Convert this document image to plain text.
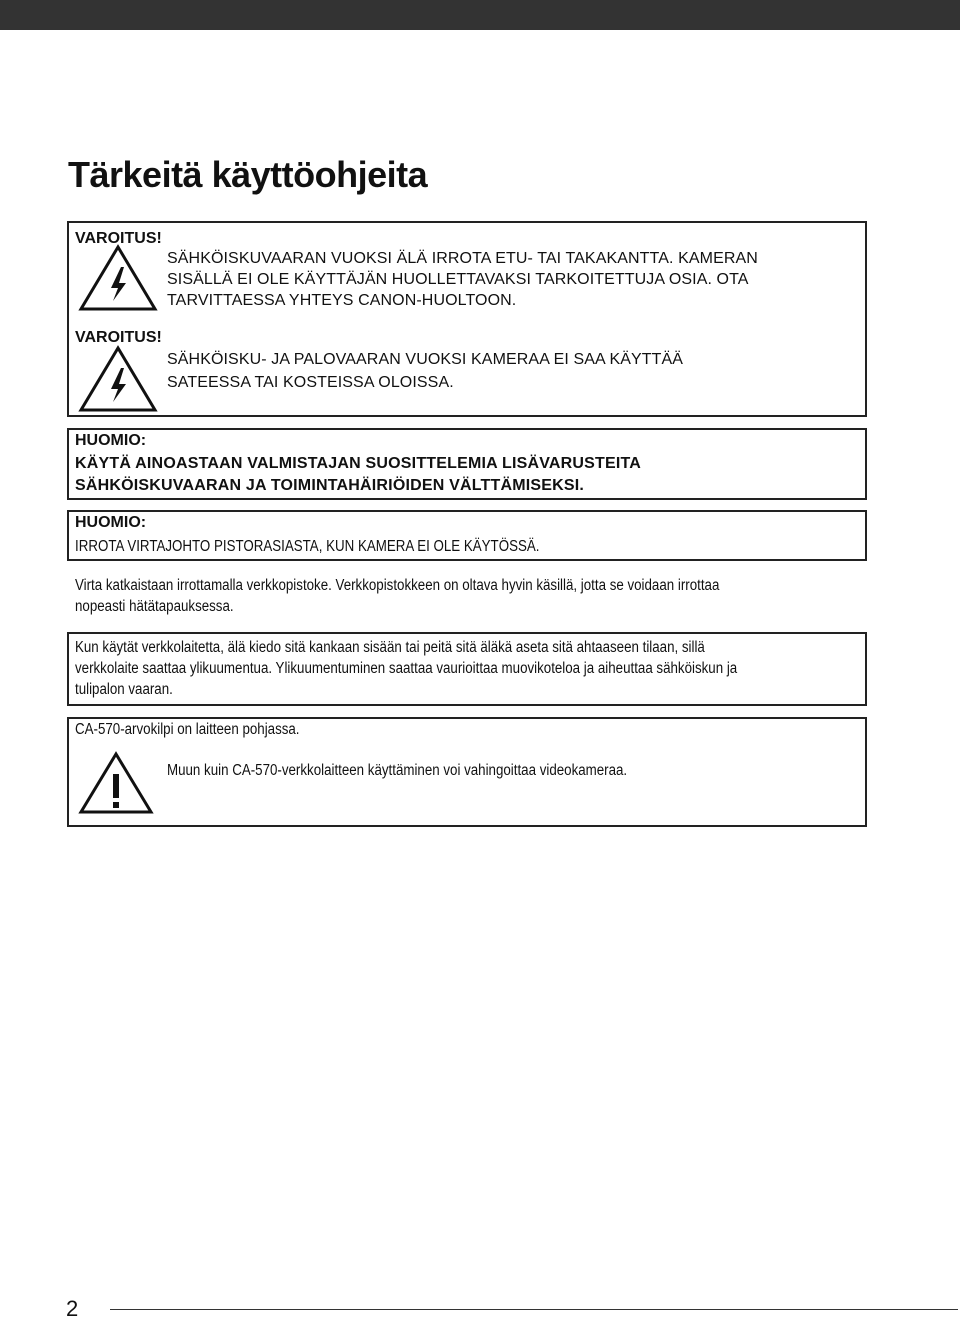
Tärkeitä käyttöohjeita
VAROITUS!
SÄHKÖISKUVAARAN VUOKSI ÄLÄ IRROTA ETU- TAI TAKAKANTTA. KAMERAN
SISÄLLÄ EI OLE KÄYTTÄJÄN HUOLLETTAVAKSI TARKOITETTUJA OSIA. OTA
TARVITTAESSA YHTEYS CANON-HUOLTOON.
VAROITUS!
SÄHKÖISKU- JA PALOVAARAN VUOKSI KAMERAA EI SAA KÄYTTÄÄ
SATEESSA TAI KOSTEISSA OLOISSA.
HUOMIO:
KÄYTÄ AINOASTAAN VALMISTAJAN SUOSITTELEMIA LISÄVARUSTEITA
SÄHKÖISKUVAARAN JA TOIMINTAHÄIRIÖIDEN VÄLTTÄMISEKSI.
HUOMIO:
IRROTA VIRTAJOHTO PISTORASIASTA, KUN KAMERA EI OLE KÄYTÖSSÄ.
Virta katkaistaan irrottamalla verkkopistoke. Verkkopistokkeen on oltava hyvin käsillä, jotta se voidaan irrottaa
nopeasti hätätapauksessa.
Kun käytät verkkolaitetta, älä kiedo sitä kankaan sisään tai peitä sitä äläkä aseta sitä ahtaaseen tilaan, sillä
verkkolaite saattaa ylikuumentua. Ylikuumentuminen saattaa vaurioittaa muovikoteloa ja aiheuttaa sähköiskun ja
tulipalon vaaran.
CA-570-arvokilpi on laitteen pohjassa.
Muun kuin CA-570-verkkolaitteen käyttäminen voi vahingoittaa videokameraa.
2
